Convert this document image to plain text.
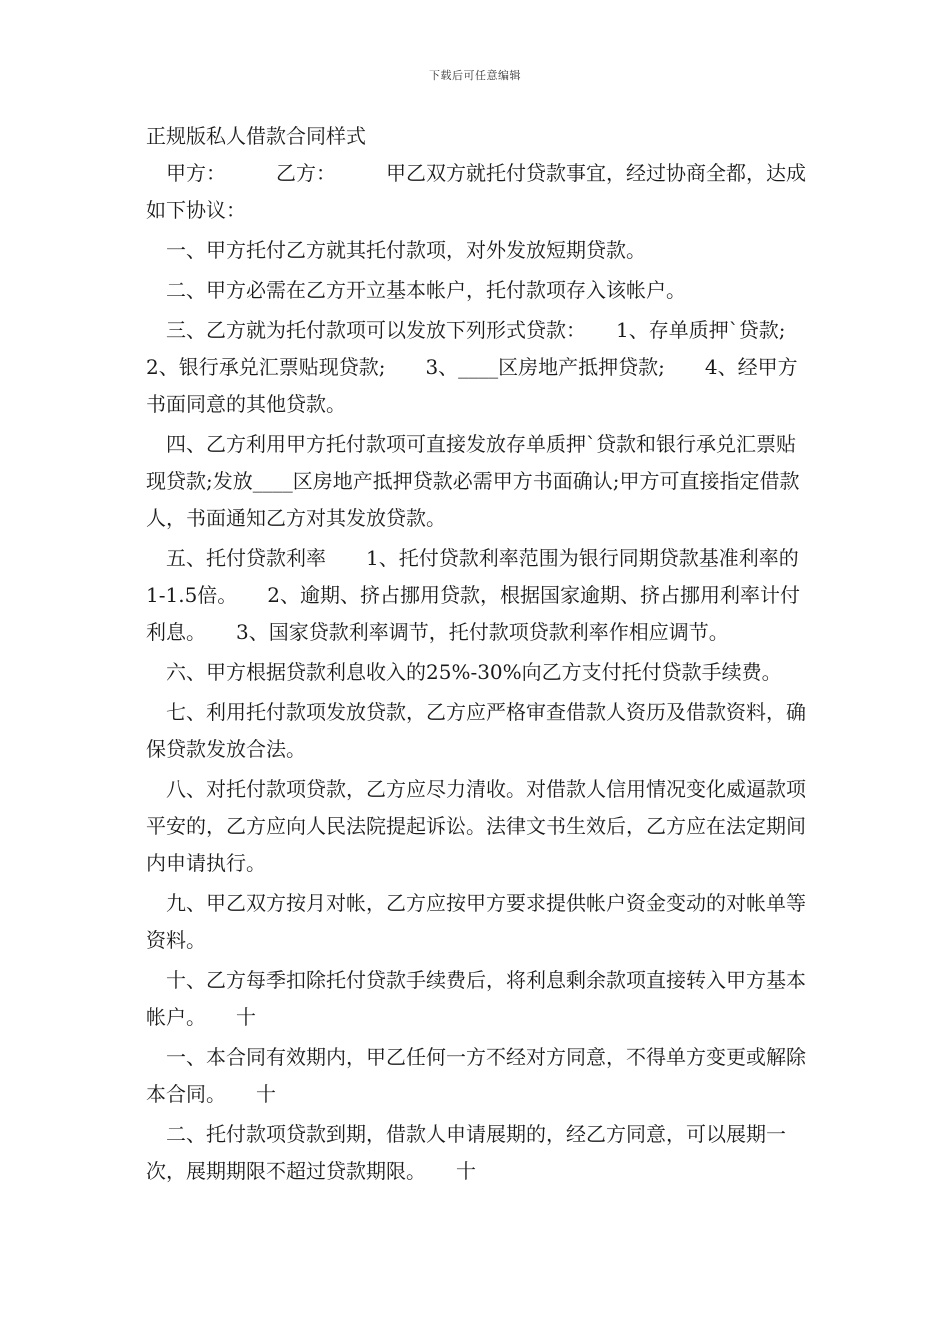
下载后可任意编辑
正规版私人借款合同样式

甲方：　　　乙方：　　　甲乙双方就托付贷款事宜，经过协商全都，达成如下协议：

一、甲方托付乙方就其托付款项，对外发放短期贷款。

二、甲方必需在乙方开立基本帐户，托付款项存入该帐户。

三、乙方就为托付款项可以发放下列形式贷款：　　1、存单质押`贷款;　　2、银行承兑汇票贴现贷款;　　3、____区房地产抵押贷款;　　4、经甲方书面同意的其他贷款。

四、乙方利用甲方托付款项可直接发放存单质押`贷款和银行承兑汇票贴现贷款;发放____区房地产抵押贷款必需甲方书面确认;甲方可直接指定借款人，书面通知乙方对其发放贷款。

五、托付贷款利率　　1、托付贷款利率范围为银行同期贷款基准利率的1-1.5倍。　　2、逾期、挤占挪用贷款，根据国家逾期、挤占挪用利率计付利息。　　3、国家贷款利率调节，托付款项贷款利率作相应调节。

六、甲方根据贷款利息收入的25%-30%向乙方支付托付贷款手续费。

七、利用托付款项发放贷款，乙方应严格审查借款人资历及借款资料，确保贷款发放合法。

八、对托付款项贷款，乙方应尽力清收。对借款人信用情况变化威逼款项平安的，乙方应向人民法院提起诉讼。法律文书生效后，乙方应在法定期间内申请执行。

九、甲乙双方按月对帐，乙方应按甲方要求提供帐户资金变动的对帐单等资料。

十、乙方每季扣除托付贷款手续费后，将利息剩余款项直接转入甲方基本帐户。　　十

一、本合同有效期内，甲乙任何一方不经对方同意，不得单方变更或解除本合同。　　十

二、托付款项贷款到期，借款人申请展期的，经乙方同意，可以展期一次，展期期限不超过贷款期限。　　十
